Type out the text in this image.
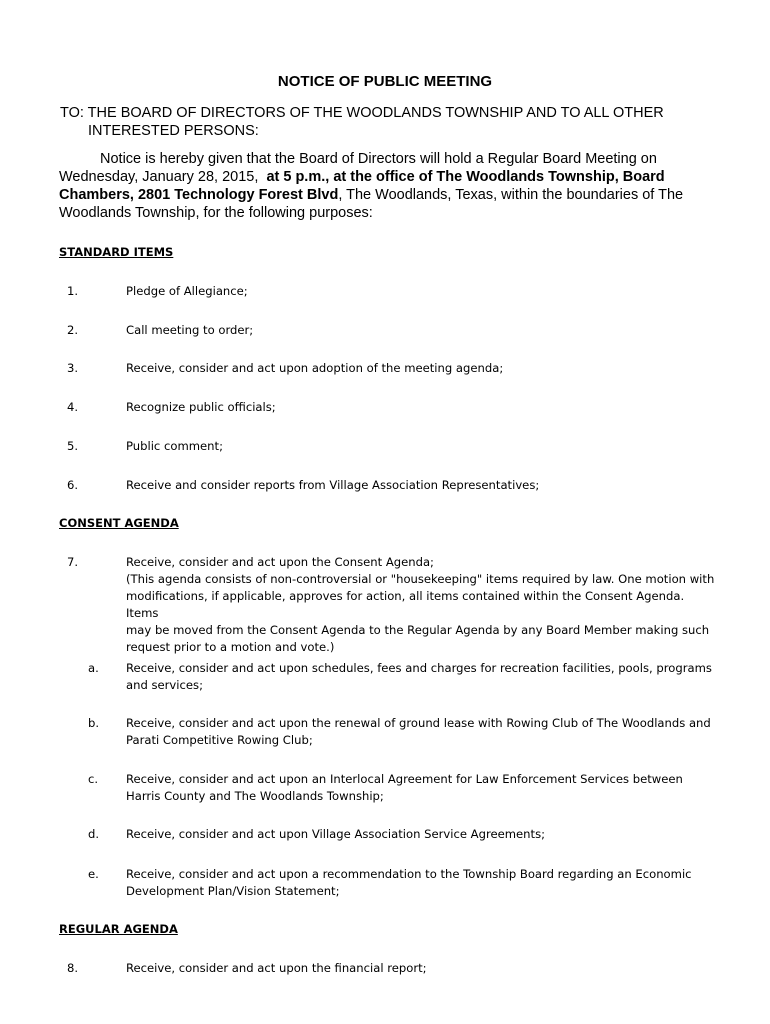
NOTICE OF PUBLIC MEETING
TO: THE BOARD OF DIRECTORS OF THE WOODLANDS TOWNSHIP AND TO ALL OTHER
INTERESTED PERSONS:
Notice is hereby given that the Board of Directors will hold a Regular Board Meeting on
Wednesday, January 28, 2015, at 5 p.m., at the office of The Woodlands Township, Board
Chambers, 2801 Technology Forest Blvd, The Woodlands, Texas, within the boundaries of The
Woodlands Township, for the following purposes:
STANDARD ITEMS
1.	Pledge of Allegiance;
2.	Call meeting to order;
3.	Receive, consider and act upon adoption of the meeting agenda;
4.	Recognize public officials;
5.	Public comment;
6.	Receive and consider reports from Village Association Representatives;
CONSENT AGENDA
7.	Receive, consider and act upon the Consent Agenda;
(This agenda consists of non-controversial or "housekeeping" items required by law. One motion with
modifications, if applicable, approves for action, all items contained within the Consent Agenda. Items
may be moved from the Consent Agenda to the Regular Agenda by any Board Member making such
request prior to a motion and vote.)
a.	Receive, consider and act upon schedules, fees and charges for recreation facilities, pools, programs
and services;
b.	Receive, consider and act upon the renewal of ground lease with Rowing Club of The Woodlands and
Parati Competitive Rowing Club;
c.	Receive, consider and act upon an Interlocal Agreement for Law Enforcement Services between
Harris County and The Woodlands Township;
d.	Receive, consider and act upon Village Association Service Agreements;
e.	Receive, consider and act upon a recommendation to the Township Board regarding an Economic
Development Plan/Vision Statement;
REGULAR AGENDA
8.	Receive, consider and act upon the financial report;
